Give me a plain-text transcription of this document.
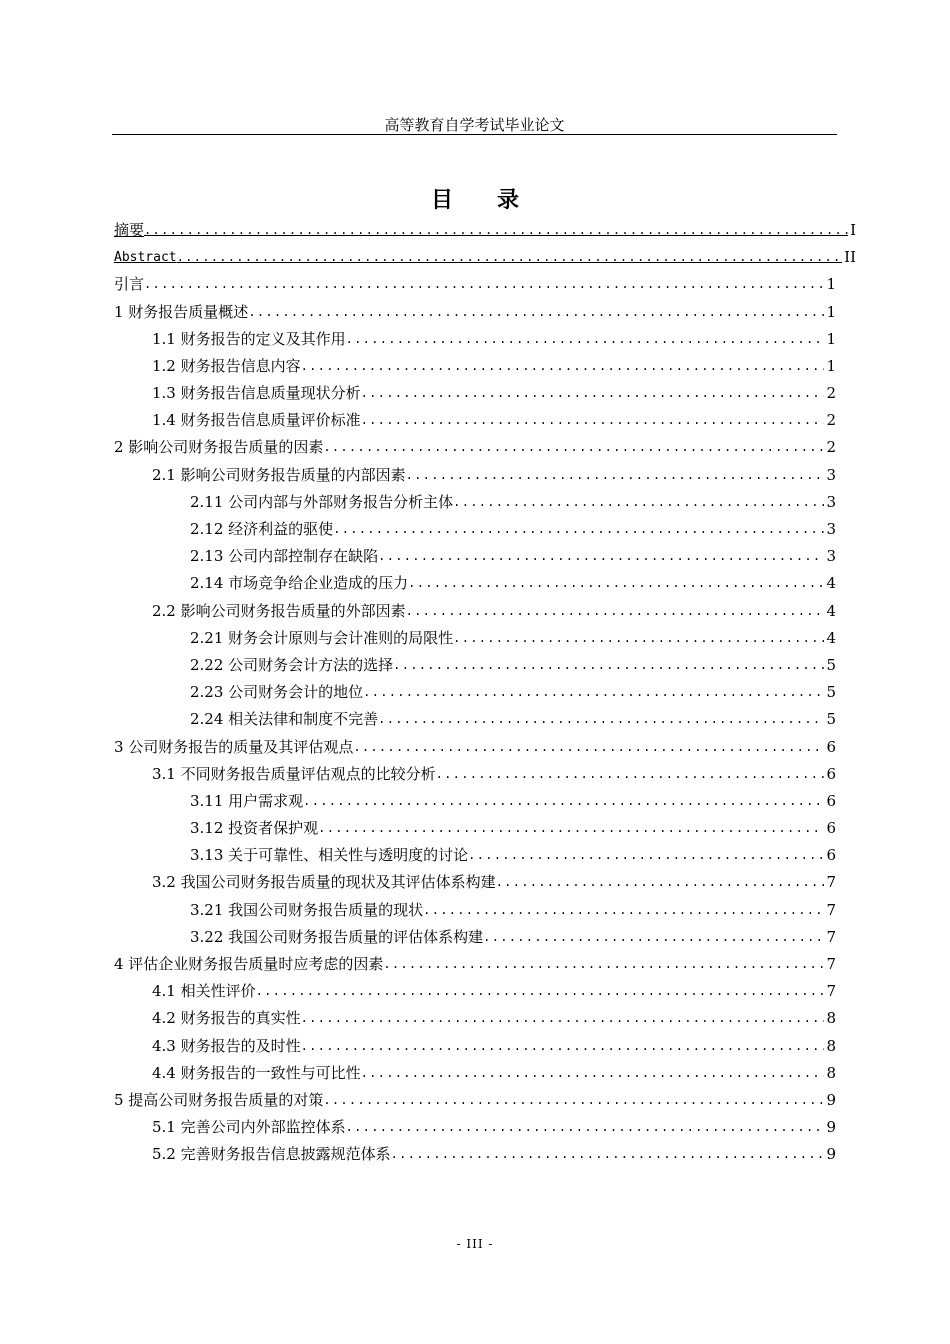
高等教育自学考试毕业论文
目录
摘要 .....	I
Abstract .....	II
引言 .....	1
1 财务报告质量概述 .....	1
1.1 财务报告的定义及其作用 .....	1
1.2 财务报告信息内容 .....	1
1.3 财务报告信息质量现状分析 .....	2
1.4 财务报告信息质量评价标准 .....	2
2 影响公司财务报告质量的因素 .....	2
2.1 影响公司财务报告质量的内部因素 .....	3
2.11 公司内部与外部财务报告分析主体 .....	3
2.12 经济利益的驱使 .....	3
2.13 公司内部控制存在缺陷 .....	3
2.14 市场竞争给企业造成的压力 .....	4
2.2 影响公司财务报告质量的外部因素 .....	4
2.21 财务会计原则与会计准则的局限性 .....	4
2.22 公司财务会计方法的选择 .....	5
2.23 公司财务会计的地位 .....	5
2.24 相关法律和制度不完善 .....	5
3 公司财务报告的质量及其评估观点 .....	6
3.1 不同财务报告质量评估观点的比较分析 .....	6
3.11 用户需求观 .....	6
3.12 投资者保护观 .....	6
3.13 关于可靠性、相关性与透明度的讨论 .....	6
3.2 我国公司财务报告质量的现状及其评估体系构建 .....	7
3.21 我国公司财务报告质量的现状 .....	7
3.22 我国公司财务报告质量的评估体系构建 .....	7
4 评估企业财务报告质量时应考虑的因素 .....	7
4.1 相关性评价 .....	7
4.2 财务报告的真实性 .....	8
4.3 财务报告的及时性 .....	8
4.4 财务报告的一致性与可比性 .....	8
5 提高公司财务报告质量的对策 .....	9
5.1 完善公司内外部监控体系 .....	9
5.2 完善财务报告信息披露规范体系 .....	9
- III -
